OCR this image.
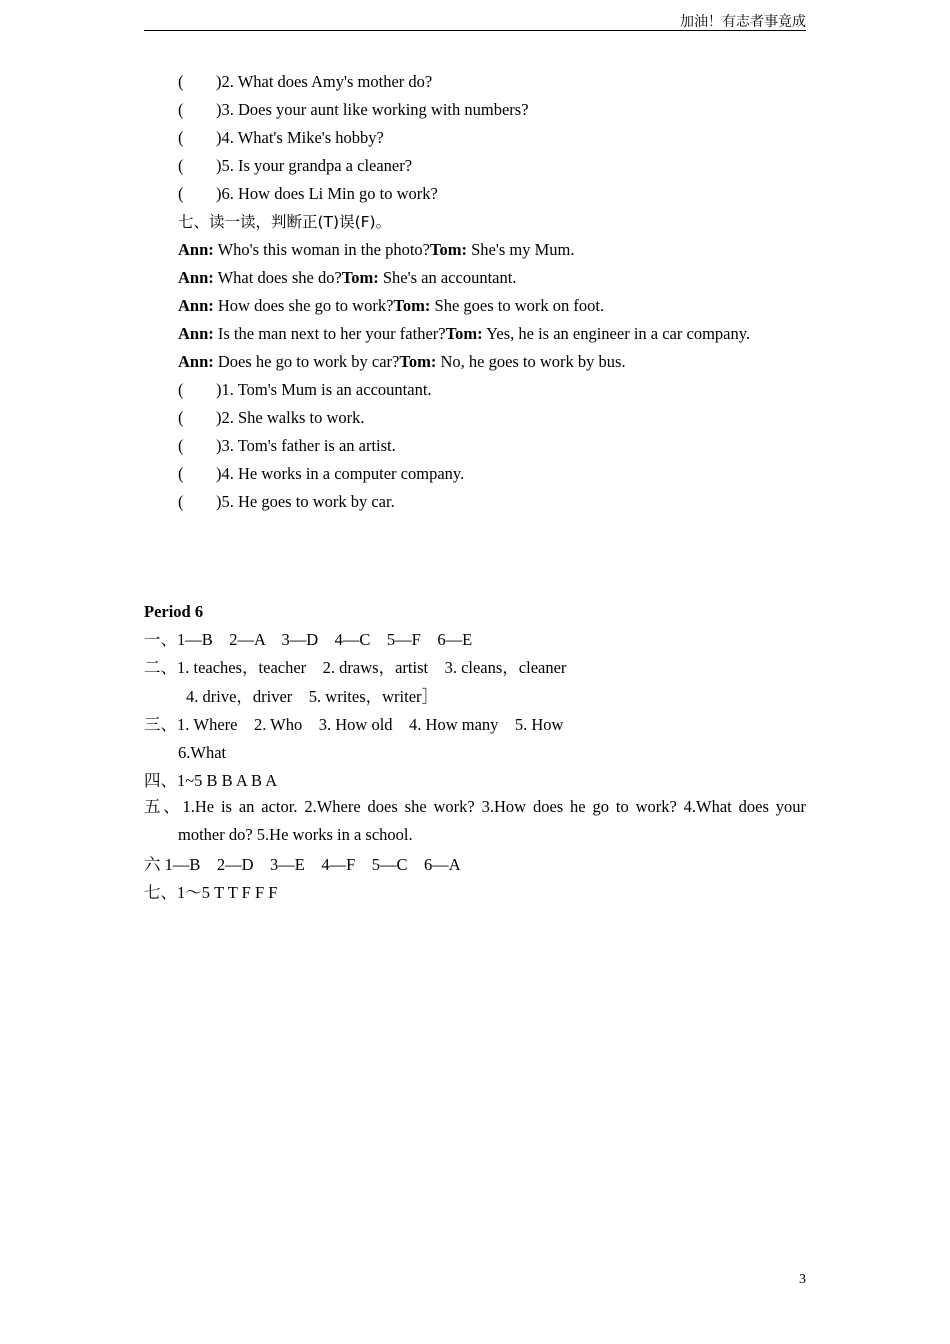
加油！有志者事竟成
( )2. What does Amy's mother do?
( )3. Does your aunt like working with numbers?
( )4. What's Mike's hobby?
( )5. Is your grandpa a cleaner?
( )6. How does Li Min go to work?
七、读一读，判断正(T)误(F)。
Ann: Who's this woman in the photo?Tom: She's my Mum.
Ann: What does she do?Tom: She's an accountant.
Ann: How does she go to work?Tom: She goes to work on foot.
Ann: Is the man next to her your father?Tom: Yes, he is an engineer in a car company.
Ann: Does he go to work by car?Tom: No, he goes to work by bus.
( )1. Tom's Mum is an accountant.
( )2. She walks to work.
( )3. Tom's father is an artist.
( )4. He works in a computer company.
( )5. He goes to work by car.
Period 6
一、1—B    2—A    3—D    4—C    5—F    6—E
二、1. teaches，teacher    2. draws，artist    3. cleans，cleaner
4. drive，driver    5. writes，writer］
三、1. Where    2. Who    3. How old    4. How many    5. How
6.What
四、1~5 B B A B A
五、1.He is an actor. 2.Where does she work? 3.How does he go to work? 4.What does your mother do? 5.He works in a school.
六 1—B    2—D    3—E    4—F    5—C    6—A
七、1～5 T T F F F
3
